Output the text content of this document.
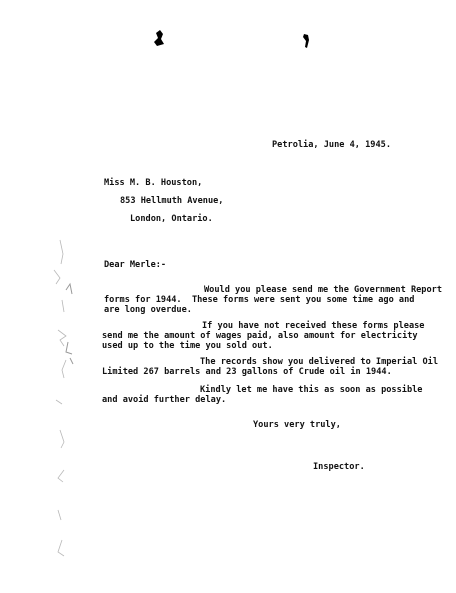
Petrolia, June 4, 1945.
Miss M. B. Houston,
853 Hellmuth Avenue,
London, Ontario.
Dear Merle:-
Would you please send me the Government Report
forms for 1944.  These forms were sent you some time ago and
are long overdue.
If you have not received these forms please
send me the amount of wages paid, also amount for electricity
used up to the time you sold out.
The records show you delivered to Imperial Oil
Limited 267 barrels and 23 gallons of Crude oil in 1944.
Kindly let me have this as soon as possible
and avoid further delay.
Yours very truly,
Inspector.
